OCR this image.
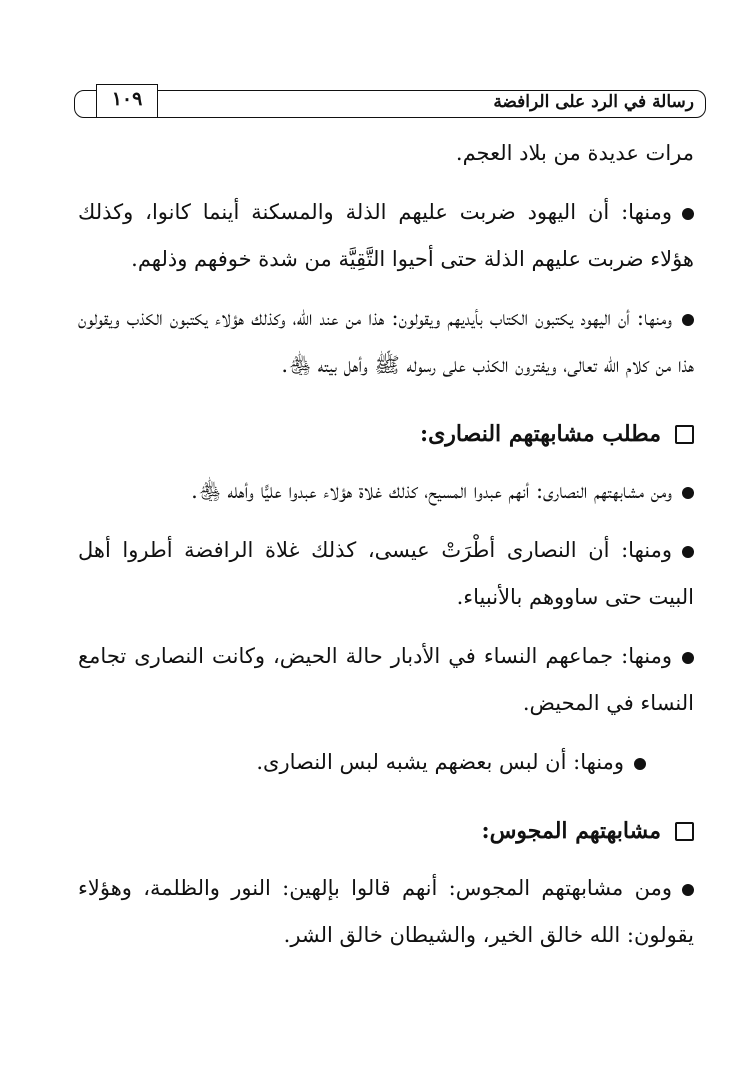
رسالة في الرد على الرافضة
١٠٩

مرات عديدة من بلاد العجم.

ومنها: أن اليهود ضربت عليهم الذلة والمسكنة أينما كانوا، وكذلك هؤلاء ضربت عليهم الذلة حتى أحيوا التَّقِيَّة من شدة خوفهم وذلهم.

ومنها: أن اليهود يكتبون الكتاب بأيديهم ويقولون: هذا من عند الله، وكذلك هؤلاء يكتبون الكذب ويقولون هذا من كلام الله تعالى، ويفترون الكذب على رسوله ﷺ وأهل بيته ﵃.

مطلب مشابهتهم النصارى:

ومن مشابهتهم النصارى: أنهم عبدوا المسيح، كذلك غلاة هؤلاء عبدوا عليًّا وأهله ﵃.

ومنها: أن النصارى أطْرَتْ عيسى، كذلك غلاة الرافضة أطروا أهل البيت حتى ساووهم بالأنبياء.

ومنها: جماعهم النساء في الأدبار حالة الحيض، وكانت النصارى تجامع النساء في المحيض.

ومنها: أن لبس بعضهم يشبه لبس النصارى.

مشابهتهم المجوس:

ومن مشابهتهم المجوس: أنهم قالوا بإلهين: النور والظلمة، وهؤلاء يقولون: الله خالق الخير، والشيطان خالق الشر.
